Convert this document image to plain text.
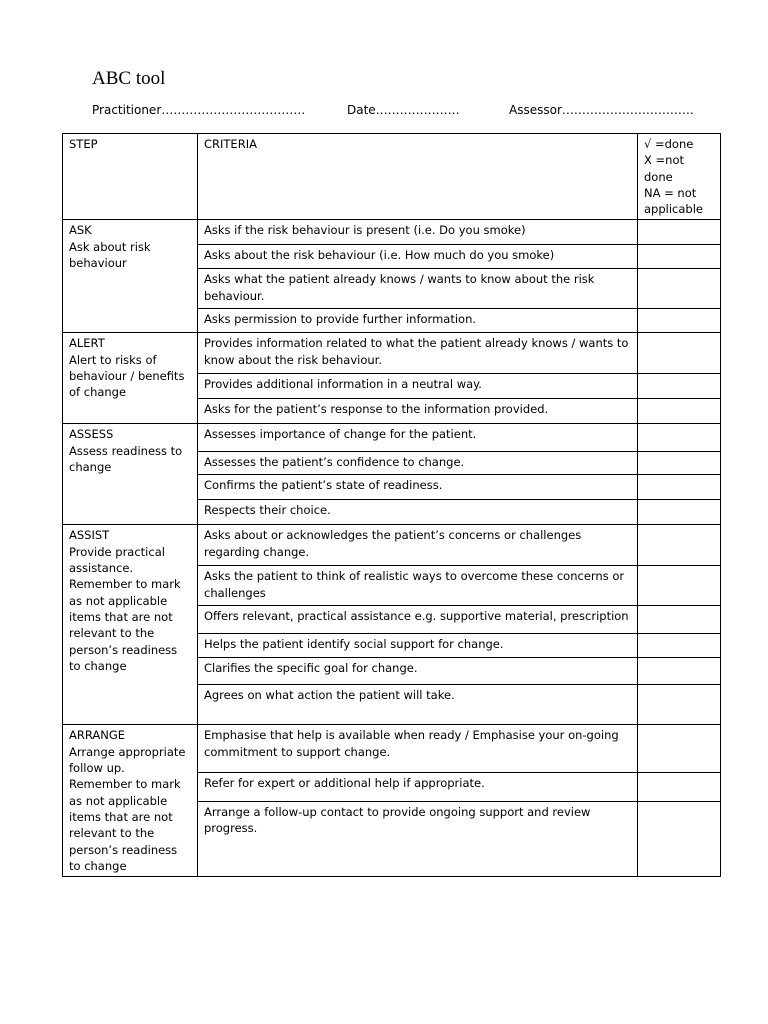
ABC tool
Practitioner………………………………	Date…………………	Assessor……………………………
STEP	CRITERIA	√ =done
X =not done
NA = not applicable

ASK
Ask about risk behaviour	Asks if the risk behaviour is present (i.e. Do you smoke)	
	Asks about the risk behaviour (i.e. How much do you smoke)	
	Asks what the patient already knows / wants to know about the risk behaviour.	
	Asks permission to provide further information.	

ALERT
Alert to risks of behaviour / benefits of change	Provides information related to what the patient already knows / wants to know about the risk behaviour.	
	Provides additional information in a neutral way.	
	Asks for the patient’s response to the information provided.	

ASSESS
Assess readiness to change	Assesses importance of change for the patient.	
	Assesses the patient’s confidence to change.	
	Confirms the patient’s state of readiness.	
	Respects their choice.	

ASSIST
Provide practical assistance. Remember to mark as not applicable items that are not relevant to the person’s readiness to change	Asks about or acknowledges the patient’s concerns or challenges regarding change.	
	Asks the patient to think of realistic ways to overcome these concerns or challenges	
	Offers relevant, practical assistance e.g. supportive material, prescription	
	Helps the patient identify social support for change.	
	Clarifies the specific goal for change.	
	Agrees on what action the patient will take.	

ARRANGE
Arrange appropriate follow up. Remember to mark as not applicable items that are not relevant to the person’s readiness to change	Emphasise that help is available when ready / Emphasise your on-going commitment to support change.	
	Refer for expert or additional help if appropriate.	
	Arrange a follow-up contact to provide ongoing support and review progress.	
